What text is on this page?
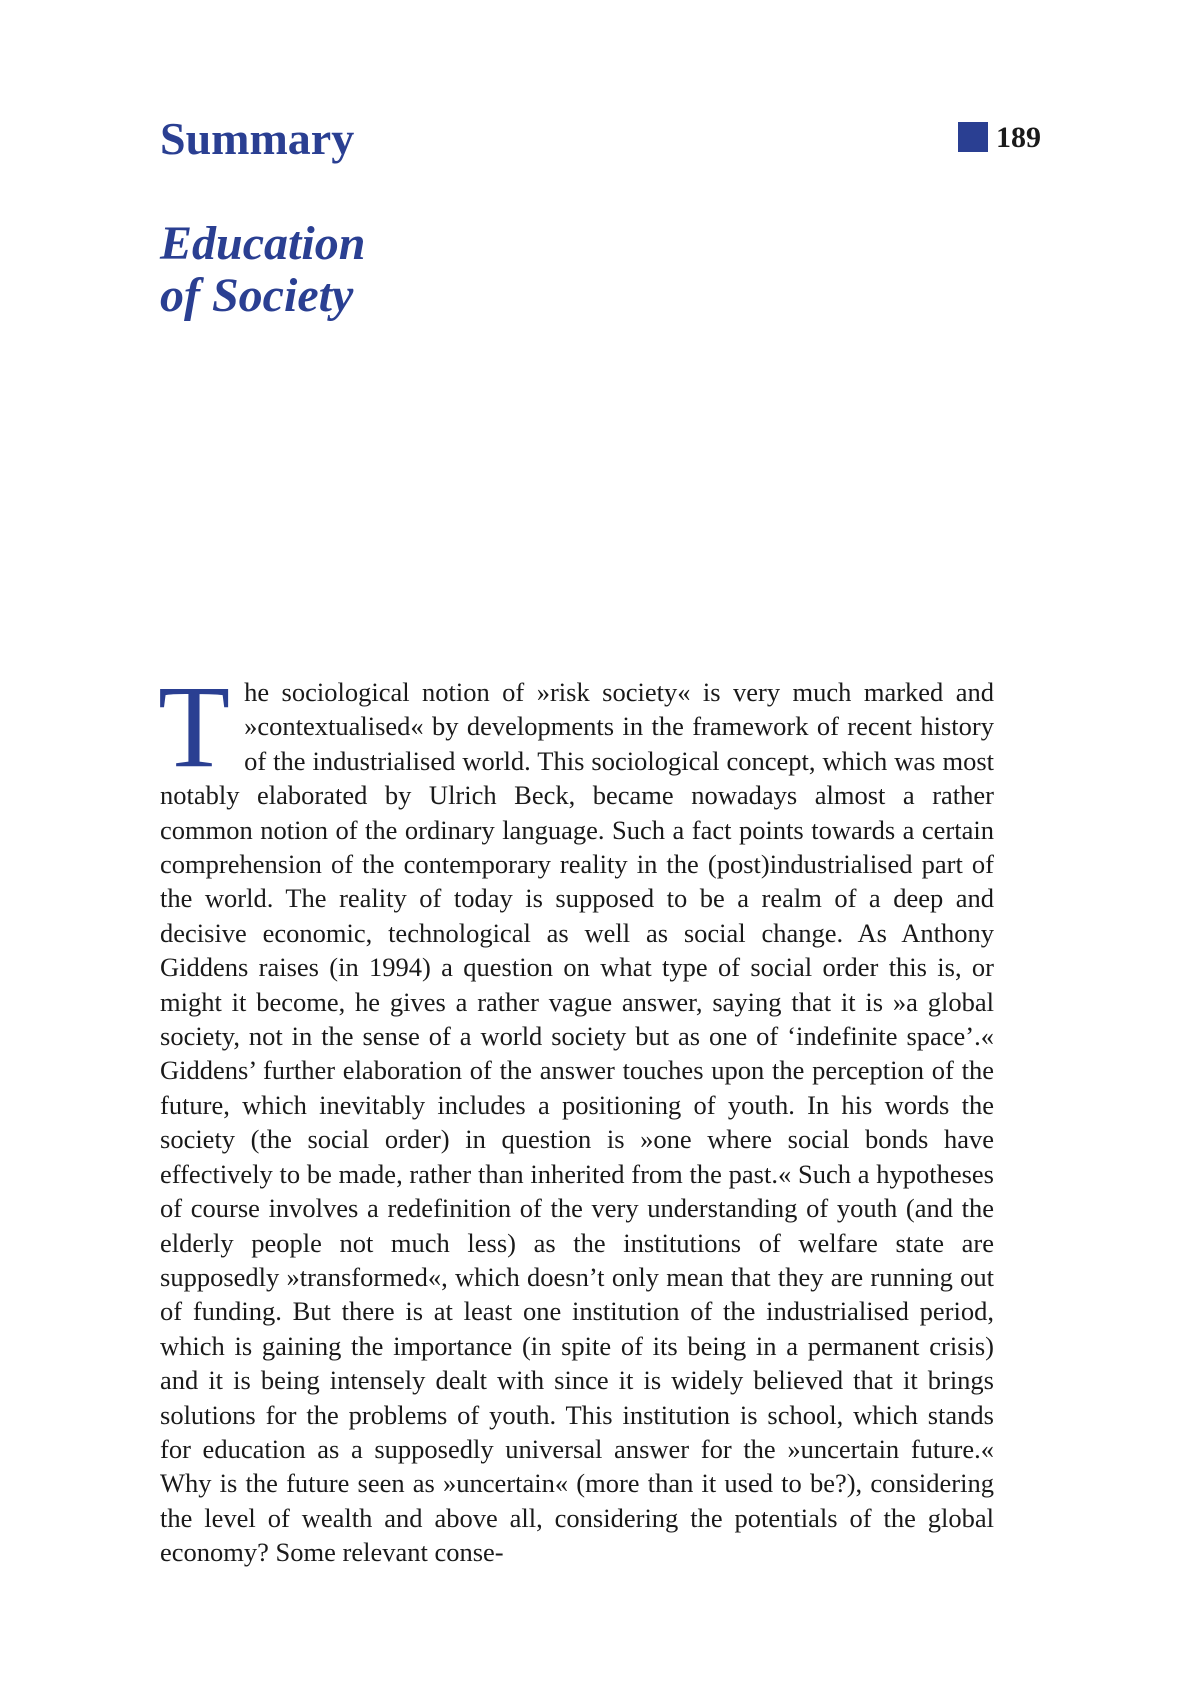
Summary	189
Education
of Society

The sociological notion of »risk society« is very much marked and »contextualised« by developments in the framework of recent history of the industrialised world. This sociological concept, which was most notably elaborated by Ulrich Beck, became nowadays almost a rather common notion of the ordinary language. Such a fact points towards a certain comprehension of the contemporary reality in the (post)industrialised part of the world. The reality of today is supposed to be a realm of a deep and decisive economic, technological as well as social change. As Anthony Giddens raises (in 1994) a question on what type of social order this is, or might it become, he gives a rather vague answer, saying that it is »a global society, not in the sense of a world society but as one of ‘indefinite space’.« Giddens’ further elaboration of the answer touches upon the perception of the future, which inevitably includes a positioning of youth. In his words the society (the social order) in question is »one where social bonds have effectively to be made, rather than inherited from the past.« Such a hypotheses of course involves a redefinition of the very understanding of youth (and the elderly people not much less) as the institutions of welfare state are supposedly »transformed«, which doesn’t only mean that they are running out of funding. But there is at least one institution of the industrialised period, which is gaining the importance (in spite of its being in a permanent crisis) and it is being intensely dealt with since it is widely believed that it brings solutions for the problems of youth. This institution is school, which stands for education as a supposedly universal answer for the »uncertain future.« Why is the future seen as »uncertain« (more than it used to be?), considering the level of wealth and above all, considering the potentials of the global economy? Some relevant conse-
